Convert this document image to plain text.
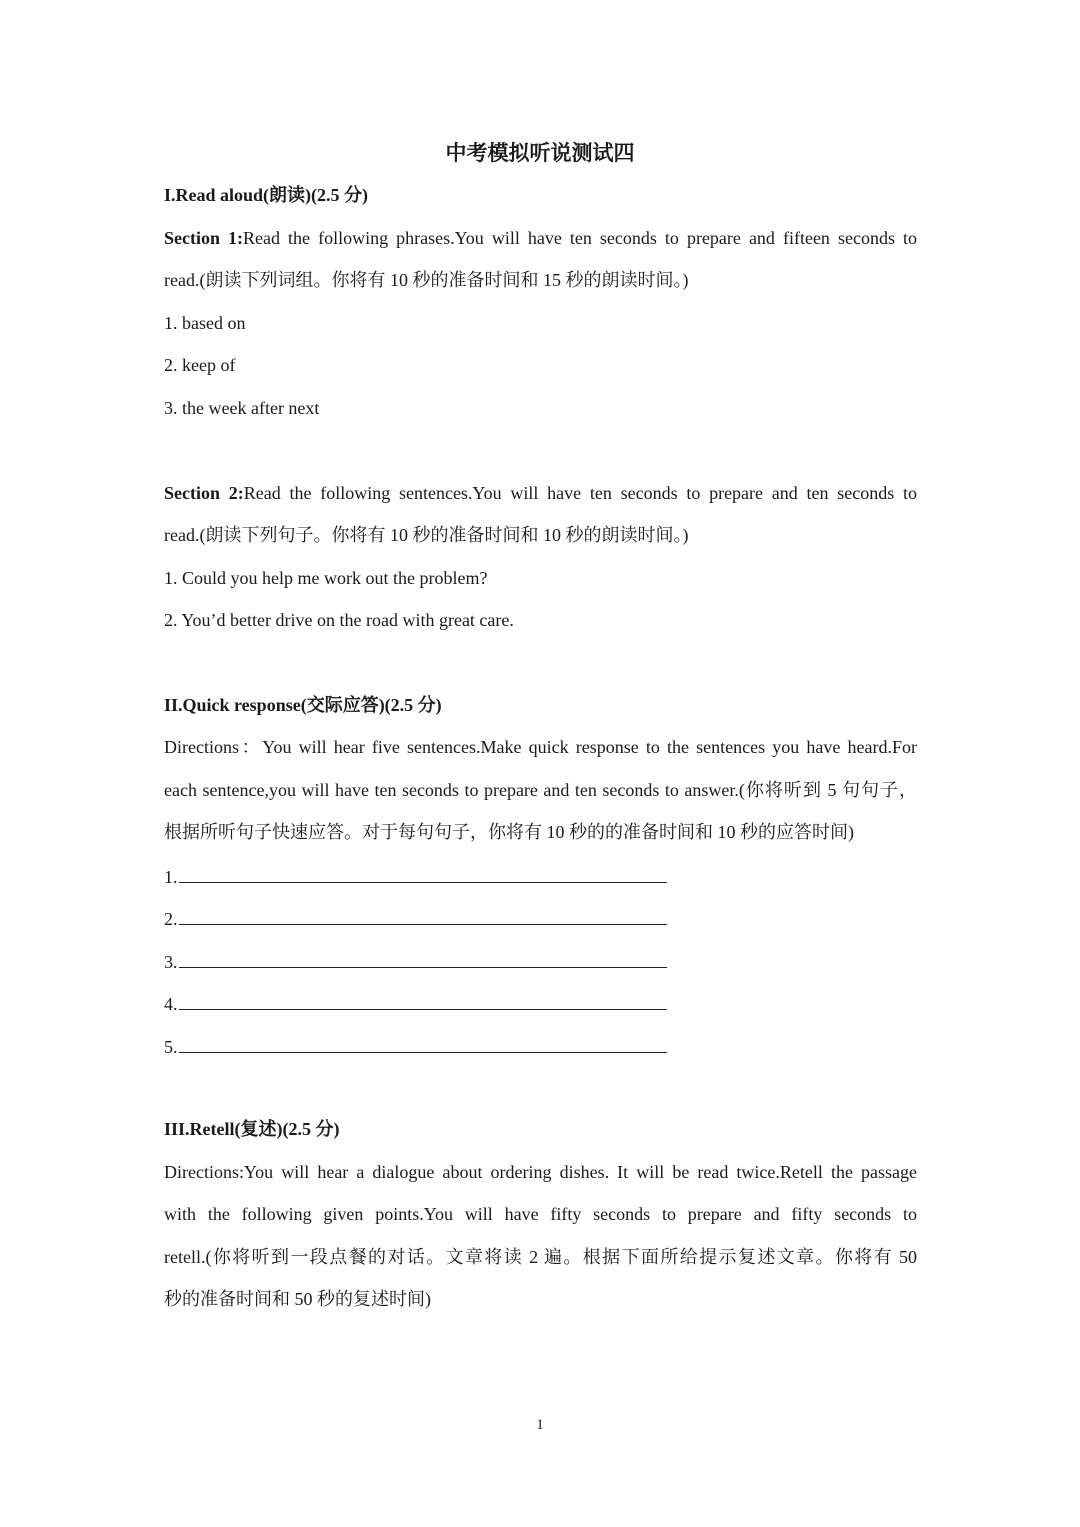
中考模拟听说测试四
I.Read aloud(朗读)(2.5 分)
Section 1:Read the following phrases.You will have ten seconds to prepare and fifteen seconds to
read.(朗读下列词组。你将有 10 秒的准备时间和 15 秒的朗读时间。)
1. based on
2. keep of
3. the week after next
Section 2:Read the following sentences.You will have ten seconds to prepare and ten seconds to
read.(朗读下列句子。你将有 10 秒的准备时间和 10 秒的朗读时间。)
1. Could you help me work out the problem?
2. You’d better drive on the road with great care.
II.Quick response(交际应答)(2.5 分)
Directions：You will hear five sentences.Make quick response to the sentences you have heard.For
each sentence,you will have ten seconds to prepare and ten seconds to answer.(你将听到 5 句句子，
根据所听句子快速应答。对于每句句子，你将有 10 秒的的准备时间和 10 秒的应答时间)
1.
2.
3.
4.
5.
III.Retell(复述)(2.5 分)
Directions:You will hear a dialogue about ordering dishes. It will be read twice.Retell the passage
with the following given points.You will have fifty seconds to prepare and fifty seconds to
retell.(你将听到一段点餐的对话。文章将读 2 遍。根据下面所给提示复述文章。你将有 50
秒的准备时间和 50 秒的复述时间)
1
